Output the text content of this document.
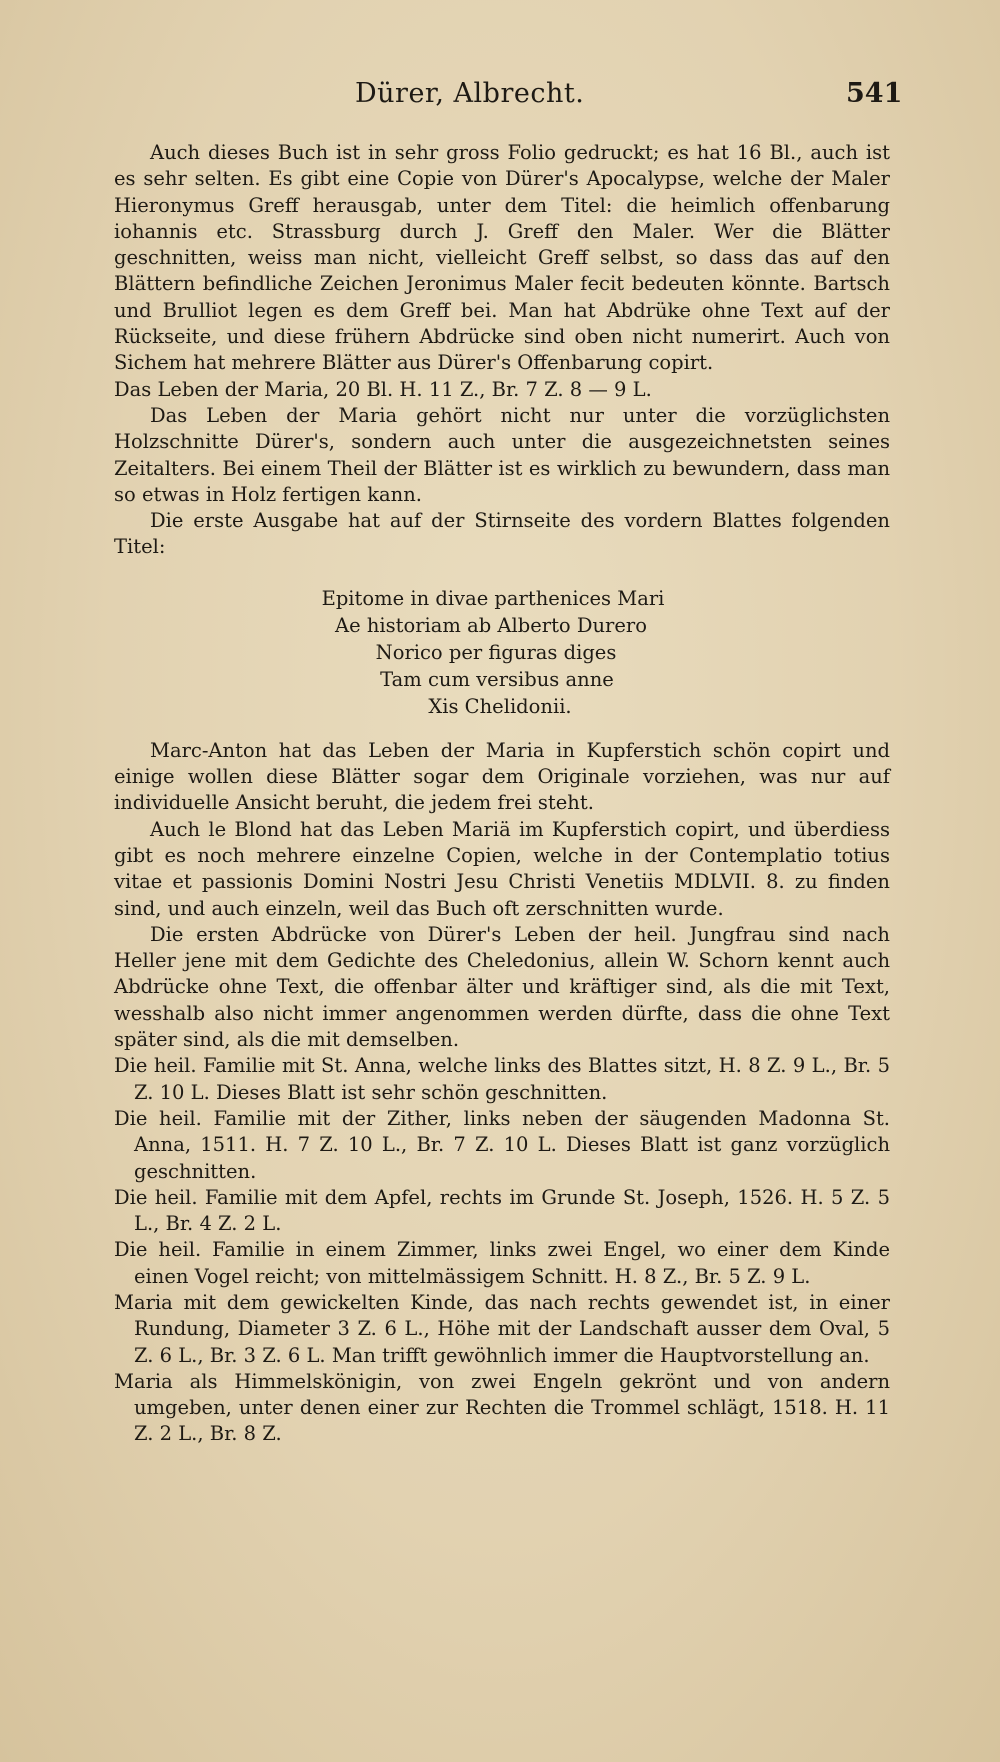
Dürer, Albrecht.	541

Auch dieses Buch ist in sehr gross Folio gedruckt; es hat 16 Bl., auch ist es sehr selten. Es gibt eine Copie von Dürer's Apocalypse, welche der Maler Hieronymus Greff herausgab, unter dem Titel: die heimlich offenbarung iohannis etc. Strassburg durch J. Greff den Maler. Wer die Blätter geschnitten, weiss man nicht, vielleicht Greff selbst, so dass das auf den Blättern befindliche Zeichen Jeronimus Maler fecit bedeuten könnte. Bartsch und Brulliot legen es dem Greff bei. Man hat Abdrüke ohne Text auf der Rückseite, und diese frühern Abdrücke sind oben nicht numerirt. Auch von Sichem hat mehrere Blätter aus Dürer's Offenbarung copirt.

Das Leben der Maria, 20 Bl. H. 11 Z., Br. 7 Z. 8 — 9 L.

Das Leben der Maria gehört nicht nur unter die vorzüglichsten Holzschnitte Dürer's, sondern auch unter die ausgezeichnetsten seines Zeitalters. Bei einem Theil der Blätter ist es wirklich zu bewundern, dass man so etwas in Holz fertigen kann.

Die erste Ausgabe hat auf der Stirnseite des vordern Blattes folgenden Titel:

Epitome in divae parthenices Mari
Ae historiam ab Alberto Durero
Norico per figuras diges
Tam cum versibus anne
Xis Chelidonii.

Marc-Anton hat das Leben der Maria in Kupferstich schön copirt und einige wollen diese Blätter sogar dem Originale vorziehen, was nur auf individuelle Ansicht beruht, die jedem frei steht.

Auch le Blond hat das Leben Mariä im Kupferstich copirt, und überdiess gibt es noch mehrere einzelne Copien, welche in der Contemplatio totius vitae et passionis Domini Nostri Jesu Christi Venetiis MDLVII. 8. zu finden sind, und auch einzeln, weil das Buch oft zerschnitten wurde.

Die ersten Abdrücke von Dürer's Leben der heil. Jungfrau sind nach Heller jene mit dem Gedichte des Cheledonius, allein W. Schorn kennt auch Abdrücke ohne Text, die offenbar älter und kräftiger sind, als die mit Text, wesshalb also nicht immer angenommen werden dürfte, dass die ohne Text später sind, als die mit demselben.

Die heil. Familie mit St. Anna, welche links des Blattes sitzt, H. 8 Z. 9 L., Br. 5 Z. 10 L. Dieses Blatt ist sehr schön geschnitten.

Die heil. Familie mit der Zither, links neben der säugenden Madonna St. Anna, 1511. H. 7 Z. 10 L., Br. 7 Z. 10 L. Dieses Blatt ist ganz vorzüglich geschnitten.

Die heil. Familie mit dem Apfel, rechts im Grunde St. Joseph, 1526. H. 5 Z. 5 L., Br. 4 Z. 2 L.

Die heil. Familie in einem Zimmer, links zwei Engel, wo einer dem Kinde einen Vogel reicht; von mittelmässigem Schnitt. H. 8 Z., Br. 5 Z. 9 L.

Maria mit dem gewickelten Kinde, das nach rechts gewendet ist, in einer Rundung, Diameter 3 Z. 6 L., Höhe mit der Landschaft ausser dem Oval, 5 Z. 6 L., Br. 3 Z. 6 L. Man trifft gewöhnlich immer die Hauptvorstellung an.

Maria als Himmelskönigin, von zwei Engeln gekrönt und von andern umgeben, unter denen einer zur Rechten die Trommel schlägt, 1518. H. 11 Z. 2 L., Br. 8 Z.
